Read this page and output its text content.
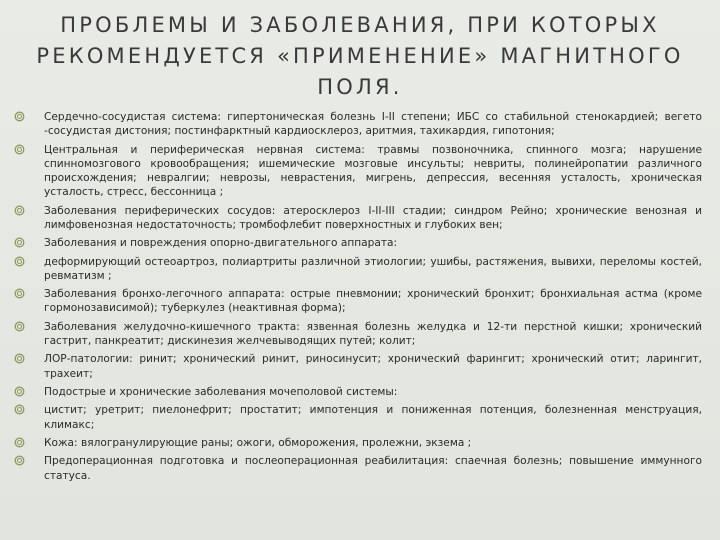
ПРОБЛЕМЫ И ЗАБОЛЕВАНИЯ, ПРИ КОТОРЫХ
РЕКОМЕНДУЕТСЯ «ПРИМЕНЕНИЕ» МАГНИТНОГО
ПОЛЯ.
Сердечно-сосудистая система: гипертоническая болезнь I-II степени; ИБС со стабильной стенокардией; вегето -сосудистая дистония; постинфарктный кардиосклероз, аритмия, тахикардия, гипотония;
Центральная и периферическая нервная система: травмы позвоночника, спинного мозга; нарушение спинномозгового кровообращения; ишемические мозговые инсульты; невриты, полинейропатии различного происхождения; невралгии; неврозы, неврастения, мигрень, депрессия, весенняя усталость, хроническая усталость, стресс, бессонница ;
Заболевания периферических сосудов: атеросклероз I-II-III стадии; синдром Рейно; хронические венозная и лимфовенозная недостаточность; тромбофлебит поверхностных и глубоких вен;
Заболевания и повреждения опорно-двигательного аппарата:
деформирующий остеоартроз, полиартриты различной этиологии; ушибы, растяжения, вывихи, переломы костей, ревматизм ;
Заболевания бронхо-легочного аппарата: острые пневмонии; хронический бронхит; бронхиальная астма (кроме гормонозависимой); туберкулез (неактивная форма);
Заболевания желудочно-кишечного тракта: язвенная болезнь желудка и 12-ти перстной кишки; хронический гастрит, панкреатит; дискинезия желчевыводящих путей; колит;
ЛОР-патологии: ринит; хронический ринит, риносинусит; хронический фарингит; хронический отит; ларингит, трахеит;
Подострые и хронические заболевания мочеполовой системы:
цистит; уретрит; пиелонефрит; простатит; импотенция и пониженная потенция, болезненная менструация, климакс;
Кожа: вялогранулирующие раны; ожоги, обморожения, пролежни, экзема ;
Предоперационная подготовка и послеоперационная реабилитация: спаечная болезнь; повышение иммунного статуса.
